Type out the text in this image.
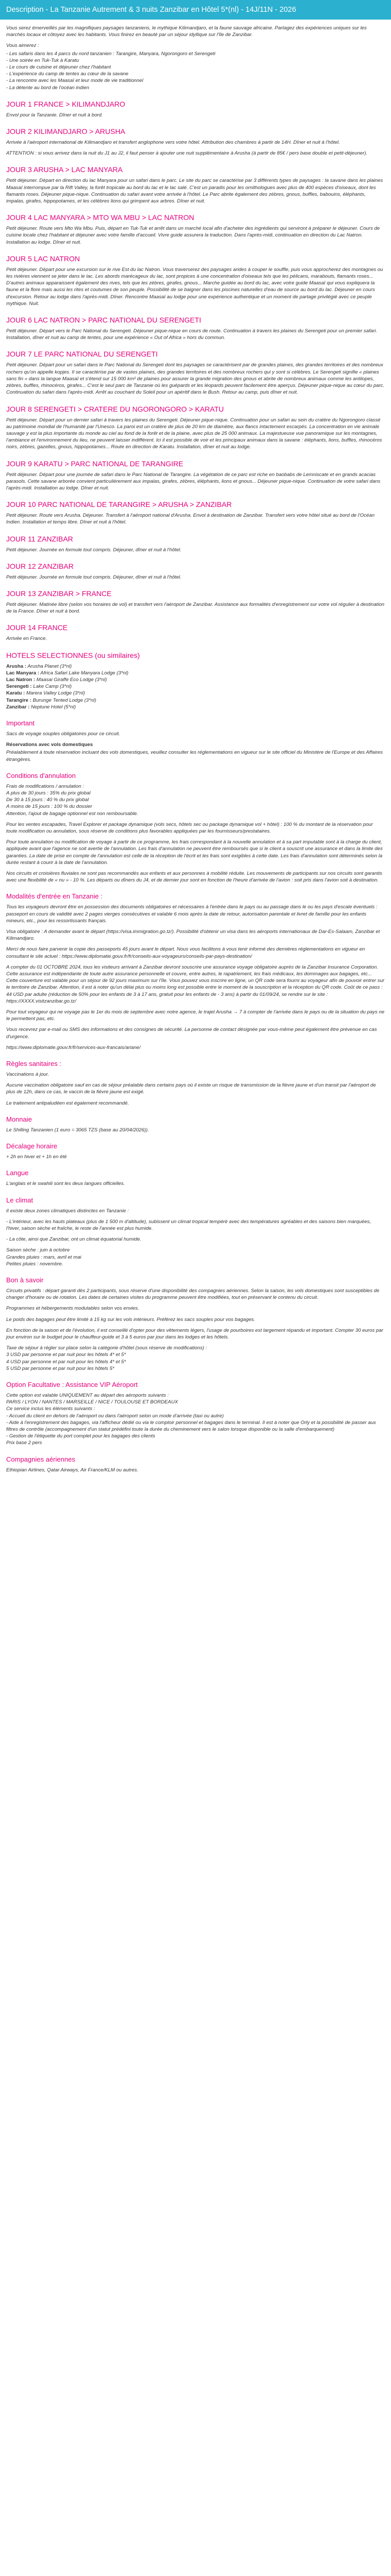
Description - La Tanzanie Autrement & 3 nuits Zanzibar en Hôtel 5*(nl) - 14J/11N - 2026

Vous serez émerveillés par les magnifiques paysages tanzaniens, le mythique Kilimandjaro, et la faune sauvage africaine. Partagez des expériences uniques sur les marchés locaux et côtoyez avec les habitants. Vous finirez en beauté par un séjour idyllique sur l'île de Zanzibar.

Vous aimerez :

- Les safaris dans les 4 parcs du nord tanzanien : Tarangire, Manyara, Ngorongoro et Serengeti
- Une soirée en Tuk-Tuk à Karatu
- Le cours de cuisine et déjeuner chez l'habitant
- L'expérience du camp de tentes au cœur de la savane
- La rencontre avec les Maasaï et leur mode de vie traditionnel
- La détente au bord de l'océan indien

JOUR 1 FRANCE > KILIMANDJARO

Envol pour la Tanzanie. Dîner et nuit à bord.

JOUR 2 KILIMANDJARO > ARUSHA

Arrivée à l'aéroport international de Kilimandjaro et transfert anglophone vers votre hôtel. Attribution des chambres à partir de 14H. Dîner et nuit à l'hôtel.

ATTENTION : si vous arrivez dans la nuit du J1 au J2, il faut penser à ajouter une nuit supplémentaire à Arusha (à partir de 85€ / pers base double et petit-déjeuner).

JOUR 3 ARUSHA > LAC MANYARA

Petit déjeuner. Départ en direction du lac Manyara pour un safari dans le parc. Le site du parc se caractérise par 3 différents types de paysages : la savane dans les plaines Maasaï interrompue par la Rift Valley, la forêt tropicale au bord du lac et le lac salé. C'est un paradis pour les ornithologues avec plus de 400 espèces d'oiseaux, dont les flamants roses. Déjeuner pique-nique. Continuation du safari avant votre arrivée à l'hôtel. Le Parc abrite également des zèbres, gnous, buffles, babouins, éléphants, impalas, girafes, hippopotames, et les célèbres lions qui grimpent aux arbres. Dîner et nuit.

JOUR 4 LAC MANYARA > MTO WA MBU > LAC NATRON

Petit déjeuner. Route vers Mto Wa Mbu. Puis, départ en Tuk-Tuk et arrêt dans un marché local afin d'acheter des ingrédients qui serviront à préparer le déjeuner. Cours de cuisine locale chez l'habitant et déjeuner avec votre famille d'accueil. Vivre guide assurera la traduction. Dans l'après-midi, continuation en direction du Lac Natron. Installation au lodge. Dîner et nuit.

JOUR 5 LAC NATRON

Petit déjeuner. Départ pour une excursion sur le rive Est du lac Natron. Vous traverserez des paysages arides à couper le souffle, puis vous approcherez des montagnes ou les rivières viennent se jeter dans le lac. Les abords marécageux du lac, sont propices à une concentration d'oiseaux tels que les pélicans, marabouts, flamants roses... D'autres animaux apparaissent également des rives, tels que les zèbres, girafes, gnous... Marche guidée au bord du lac, avec votre guide Maasaï qui vous expliquera la faune et la flore mais aussi les rites et coutumes de son peuple. Possibilité de se baigner dans les piscines naturelles d'eau de source au bord du lac. Déjeuner en cours d'excursion. Retour au lodge dans l'après-midi. Dîner. Rencontre Maasaï au lodge pour une expérience authentique et un moment de partage privilégié avec ce peuple mythique. Nuit.

JOUR 6 LAC NATRON > PARC NATIONAL DU SERENGETI

Petit déjeuner. Départ vers le Parc National du Serengeti. Déjeuner pique-nique en cours de route. Continuation à travers les plaines du Serengeti pour un premier safari. Installation, dîner et nuit au camp de tentes, pour une expérience « Out of Africa » hors du commun.

JOUR 7 LE PARC NATIONAL DU SERENGETI

Petit déjeuner. Départ pour un safari dans le Parc National du Serengeti dont les paysages se caractérisent par de grandes plaines, des grandes territoires et des nombreux rochers qu'on appelle kopjes. Il se caractérise par de vastes plaines, des grandes territoires et des nombreux rochers qui y sont si célèbres. Le Serengeti signifie « plaines sans fin » dans la langue Maasaï et s'étend sur 15 000 km² de plaines pour assurer la grande migration des gnous et abrite de nombreux animaux comme les antilopes, zèbres, buffles, rhinocéros, girafes... C'est le seul parc de Tanzanie où les guépards et les léopards peuvent facilement être aperçus. Déjeuner pique-nique au cœur du parc. Continuation du safari dans l'après-midi. Arrêt au couchant du Soleil pour un apéritif dans le Bush. Retour au camp, puis dîner et nuit.

JOUR 8 SERENGETI > CRATERE DU NGORONGORO > KARATU

Petit déjeuner. Départ pour un dernier safari à travers les plaines du Serengeti. Déjeuner pique-nique. Continuation pour un safari au sein du cratère du Ngorongoro classé au patrimoine mondial de l'humanité par l'Unesco. La paroi est un cratère de plus de 20 km de diamètre, aux flancs intactement escarpés. La concentration en vie animale sauvage y est la plus importante du monde au ciel au fond de la forêt et de la plaine, avec plus de 25 000 animaux. La majestueuse vue panoramique sur les montagnes, l'ambiance et l'environnement du lieu, ne peuvent laisser indifférent. Ici il est possible de voir et les principaux animaux dans la savane : éléphants, lions, buffles, rhinocéros noirs, zèbres, gazelles, gnous, hippopotames... Route en direction de Karatu. Installation, dîner et nuit au lodge.

JOUR 9 KARATU > PARC NATIONAL DE TARANGIRE

Petit déjeuner. Départ pour une journée de safari dans le Parc National de Tarangire. La végétation de ce parc est riche en baobabs de Lemniscate et en grands acacias parasols. Cette savane arborée convient particulièrement aux impalas, girafes, zèbres, éléphants, lions et gnous... Déjeuner pique-nique. Continuation de votre safari dans l'après-midi. Installation au lodge. Dîner et nuit.

JOUR 10 PARC NATIONAL DE TARANGIRE > ARUSHA > ZANZIBAR

Petit déjeuner. Route vers Arusha. Déjeuner. Transfert à l'aéroport national d'Arusha. Envol à destination de Zanzibar. Transfert vers votre hôtel situé au bord de l'Océan Indien. Installation et temps libre. Dîner et nuit à l'hôtel.

JOUR 11 ZANZIBAR

Petit déjeuner. Journée en formule tout compris. Déjeuner, dîner et nuit à l'hôtel.

JOUR 12 ZANZIBAR

Petit déjeuner. Journée en formule tout compris. Déjeuner, dîner et nuit à l'hôtel.

JOUR 13 ZANZIBAR > FRANCE

Petit déjeuner. Matinée libre (selon vos horaires de vol) et transfert vers l'aéroport de Zanzibar. Assistance aux formalités d'enregistrement sur votre vol régulier à destination de la France. Dîner et nuit à bord.

JOUR 14 FRANCE

Arrivée en France.

HOTELS SELECTIONNES (ou similaires)

Arusha : Arusha Planet (3*nl)
Lac Manyara : Africa Safari Lake Manyara Lodge (3*nl)
Lac Natron : Maasai Giraffe Eco Lodge (3*nl)
Serengeti : Lake Camp (3*nl)
Karatu : Marera Valley Lodge (3*nl)
Tarangire : Burunge Tented Lodge (3*nl)
Zanzibar : Neptune Hotel (5*nl)

Important

Sacs de voyage souples obligatoires pour ce circuit.

Réservations avec vols domestiques

Préalablement à toute réservation incluant des vols domestiques, veuillez consulter les réglementations en vigueur sur le site officiel du Ministère de l'Europe et des Affaires étrangères.

Conditions d'annulation

Frais de modifications / annulation :
A plus de 30 jours : 35% du prix global
De 30 à 15 jours : 40 % du prix global
A moins de 15 jours : 100 % du dossier
Attention, l'ajout de bagage optionnel est non remboursable.

Pour les ventes escapades, Travel Explorer et package dynamique (vols secs, hôtels sec ou package dynamique vol + hôtel) : 100 % du montant de la réservation pour toute modification ou annulation, sous réserve de conditions plus favorables appliquées par les fournisseurs/prestataires.

Pour toute annulation ou modification de voyage à partir de ce programme, les frais correspondant à la nouvelle annulation et à sa part imputable sont à la charge du client, appliquée avant que l'agence ne soit avertie de l'annulation. Les frais d'annulation ne peuvent être remboursés que si le client a souscrit une assurance et dans la limite des garanties. La date de prise en compte de l'annulation est celle de la réception de l'écrit et les frais sont exigibles à cette date. Les frais d'annulation sont déterminés selon la durée restant à courir à la date de l'annulation.

Nos circuits et croisières fluviales ne sont pas recommandés aux enfants et aux personnes à mobilité réduite. Les mouvements de participants sur nos circuits sont garantis avec une flexibilité de « nu » - 10 %. Les départs ou dîners du J4, et de dernier jour sont en fonction de l'heure d'arrivée de l'avion : soit pris dans l'avion soit à destination.

Modalités d'entrée en Tanzanie :

Tous les voyageurs devront être en possession des documents obligatoires et nécessaires à l'entrée dans le pays ou au passage dans le ou les pays d'escale éventuels : passeport en cours de validité avec 2 pages vierges consécutives et valable 6 mois après la date de retour, autorisation parentale et livret de famille pour les enfants mineurs, etc., pour les ressortissants français.

Visa obligatoire : A demander avant le départ (https://visa.immigration.go.tz/). Possibilité d'obtenir un visa dans les aéroports internationaux de Dar-Es-Salaam, Zanzibar et Kilimandjaro.

Merci de nous faire parvenir la copie des passeports 45 jours avant le départ. Nous vous facilitons à vous tenir informé des dernières réglementations en vigueur en consultant le site actuel : https://www.diplomatie.gouv.fr/fr/conseils-aux-voyageurs/conseils-par-pays-destination/

A compter du 01 OCTOBRE 2024, tous les visiteurs arrivant à Zanzibar devront souscrire une assurance voyage obligatoire auprès de la Zanzibar Insurance Corporation. Cette assurance est indépendante de toute autre assurance personnelle et couvre, entre autres, le rapatriement, les frais médicaux, les dommages aux bagages, etc... Cette couverture est valable pour un séjour de 92 jours maximum sur l'île. Vous pouvez vous inscrire en ligne, un QR code sera fourni au voyageur afin de pouvoir entrer sur le territoire de Zanzibar. Attention, il est à noter qu'un délai plus ou moins long est possible entre le moment de la souscription et la réception du QR code. Coût de ce pass : 44 USD par adulte (réduction de 50% pour les enfants de 3 à 17 ans, gratuit pour les enfants de - 3 ans) à partir du 01/09/24, se rendre sur le site : https://XXXX.visitzanzibar.go.tz/

Pour tout voyageur qui ne voyage pas le 1er du mois de septembre avec notre agence, le trajet Arusha → 7 à compter de l'arrivée dans le pays ou de la situation du pays ne le permettent pas, etc.

Vous recevrez par e-mail ou SMS des informations et des consignes de sécurité. La personne de contact désignée par vous-même peut également être prévenue en cas d'urgence.

https://www.diplomatie.gouv.fr/fr/services-aux-francais/ariane/

Règles sanitaires :

Vaccinations à jour.

Aucune vaccination obligatoire sauf en cas de séjour préalable dans certains pays où il existe un risque de transmission de la fièvre jaune et d'un transit par l'aéroport de plus de 12h, dans ce cas, le vaccin de la fièvre jaune est exigé.

Le traitement antipaludéen est également recommandé.

Monnaie

Le Shilling Tanzanien (1 euro = 3065 TZS (base au 20/04/2026)).

Décalage horaire

+ 2h en hiver et + 1h en été

Langue

L'anglais et le swahili sont les deux langues officielles.

Le climat

Il existe deux zones climatiques distinctes en Tanzanie :

- L'intérieur, avec les hauts plateaux (plus de 1 500 m d'altitude), subissent un climat tropical tempéré avec des températures agréables et des saisons bien marquées, l'hiver, saison sèche et fraîche, le reste de l'année est plus humide.

- La côte, ainsi que Zanzibar, ont un climat équatorial humide.

Saison sèche : juin à octobre
Grandes pluies : mars, avril et mai
Petites pluies : novembre.

Bon à savoir

Circuits privatifs : départ garanti dès 2 participants, sous réserve d'une disponibilité des compagnies aériennes. Selon la saison, les vols domestiques sont susceptibles de changer d'horaire ou de rotation. Les dates de certaines visites du programme peuvent être modifiées, tout en préservant le contenu du circuit.

Programmes et hébergements modulables selon vos envies.

Le poids des bagages peut être limité à 15 kg sur les vols intérieurs. Préférez les sacs souples pour vos bagages.

En fonction de la saison et de l'évolution, il est conseillé d'opter pour des vêtements légers, l'usage de pourboires est largement répandu et important. Compter 30 euros par jour environ sur le budget pour le chauffeur-guide et 3 à 5 euros par jour dans les lodges et les hôtels.

Taxe de séjour à régler sur place selon la catégorie d'hôtel (sous réserve de modifications) :
3 USD par personne et par nuit pour les hôtels 4* et 5*
4 USD par personne et par nuit pour les hôtels 4* et 5*
5 USD par personne et par nuit pour les hôtels 5*

Option Facultative : Assistance VIP Aéroport

Cette option est valable UNIQUEMENT au départ des aéroports suivants :
PARIS / LYON / NANTES / MARSEILLE / NICE / TOULOUSE ET BORDEAUX
Ce service inclus les éléments suivants :
- Accueil du client en dehors de l'aéroport ou dans l'aéroport selon un mode d'arrivée (taxi ou autre)
- Aide à l'enregistrement des bagages, via l'afficheur dédié ou via le comptoir personnel et bagages dans le terminal. Il est à noter que Orly et la possibilité de passer aux filtres de contrôle (accompagnement d'un statut prédéfini toute la durée du cheminement vers le salon lorsque disponible ou la salle d'embarquement)
- Gestion de l'étiquette du port complet pour les bagages des clients
Prix base 2 pers

Compagnies aériennes

Ethiopian Airlines, Qatar Airways, Air France/KLM ou autres.
